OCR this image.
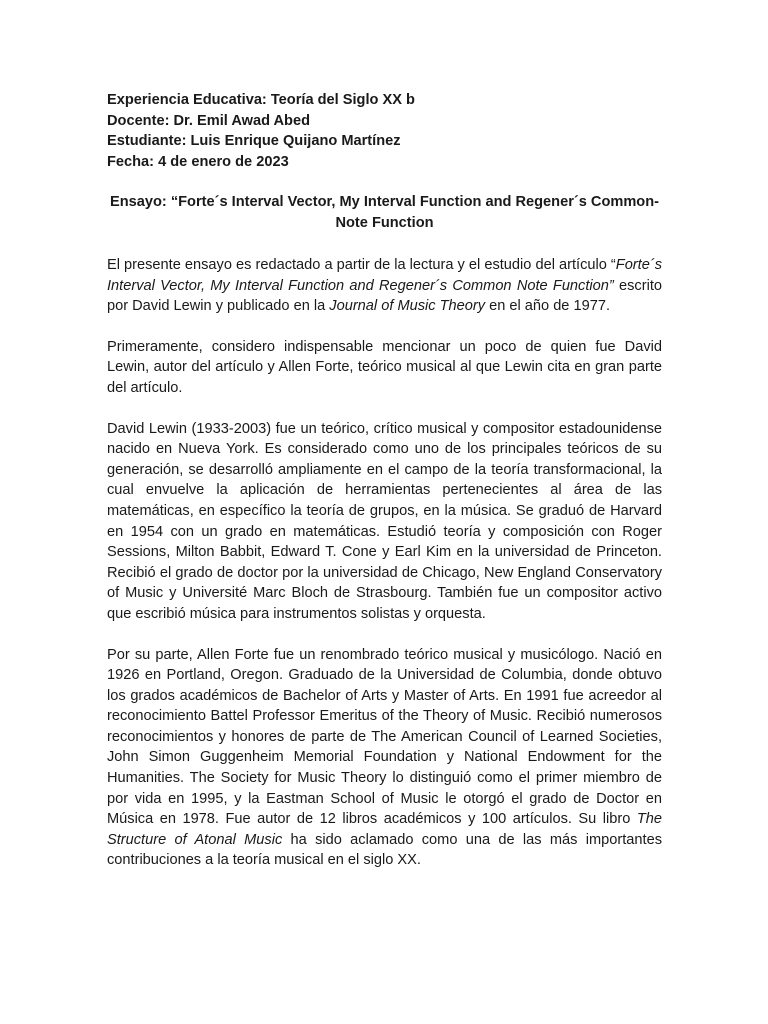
Experiencia Educativa: Teoría del Siglo XX b

Docente: Dr. Emil Awad Abed

Estudiante: Luis Enrique Quijano Martínez

Fecha: 4 de enero de 2023

Ensayo: “Forte´s Interval Vector, My Interval Function and Regener´s Common-Note Function

El presente ensayo es redactado a partir de la lectura y el estudio del artículo “Forte´s Interval Vector, My Interval Function and Regener´s Common Note Function” escrito por David Lewin y publicado en la Journal of Music Theory en el año de 1977.

Primeramente, considero indispensable mencionar un poco de quien fue David Lewin, autor del artículo y Allen Forte, teórico musical al que Lewin cita en gran parte del artículo.

David Lewin (1933-2003) fue un teórico, crítico musical y compositor estadounidense nacido en Nueva York. Es considerado como uno de los principales teóricos de su generación, se desarrolló ampliamente en el campo de la teoría transformacional, la cual envuelve la aplicación de herramientas pertenecientes al área de las matemáticas, en específico la teoría de grupos, en la música. Se graduó de Harvard en 1954 con un grado en matemáticas. Estudió teoría y composición con Roger Sessions, Milton Babbit, Edward T. Cone y Earl Kim en la universidad de Princeton. Recibió el grado de doctor por la universidad de Chicago, New England Conservatory of Music y Université Marc Bloch de Strasbourg. También fue un compositor activo que escribió música para instrumentos solistas y orquesta.

Por su parte, Allen Forte fue un renombrado teórico musical y musicólogo. Nació en 1926 en Portland, Oregon. Graduado de la Universidad de Columbia, donde obtuvo los grados académicos de Bachelor of Arts y Master of Arts. En 1991 fue acreedor al reconocimiento Battel Professor Emeritus of the Theory of Music. Recibió numerosos reconocimientos y honores de parte de The American Council of Learned Societies, John Simon Guggenheim Memorial Foundation y National Endowment for the Humanities. The Society for Music Theory lo distinguió como el primer miembro de por vida en 1995, y la Eastman School of Music le otorgó el grado de Doctor en Música en 1978. Fue autor de 12 libros académicos y 100 artículos. Su libro The Structure of Atonal Music ha sido aclamado como una de las más importantes contribuciones a la teoría musical en el siglo XX.
